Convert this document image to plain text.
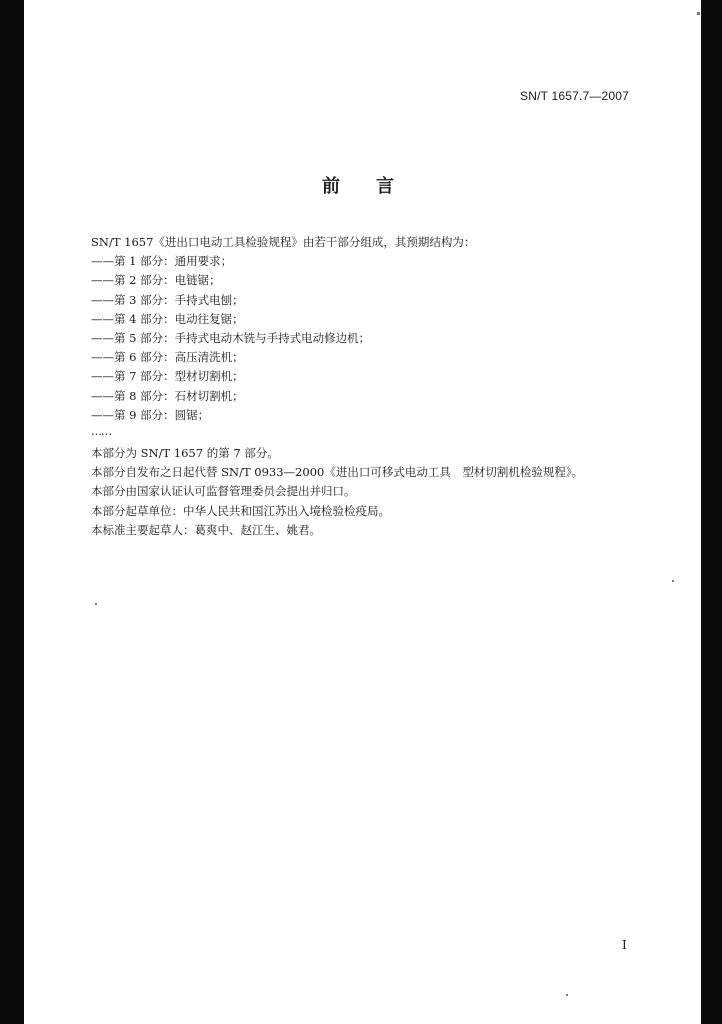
SN/T 1657.7—2007
前言
SN/T 1657《进出口电动工具检验规程》由若干部分组成，其预期结构为：
——第 1 部分：通用要求；
——第 2 部分：电链锯；
——第 3 部分：手持式电刨；
——第 4 部分：电动往复锯；
——第 5 部分：手持式电动木铣与手持式电动修边机；
——第 6 部分：高压清洗机；
——第 7 部分：型材切割机；
——第 8 部分：石材切割机；
——第 9 部分：圆锯；
……
本部分为 SN/T 1657 的第 7 部分。
本部分自发布之日起代替 SN/T 0933—2000《进出口可移式电动工具　型材切割机检验规程》。
本部分由国家认证认可监督管理委员会提出并归口。
本部分起草单位：中华人民共和国江苏出入境检验检疫局。
本标准主要起草人：葛爽中、赵江生、姚君。
I
